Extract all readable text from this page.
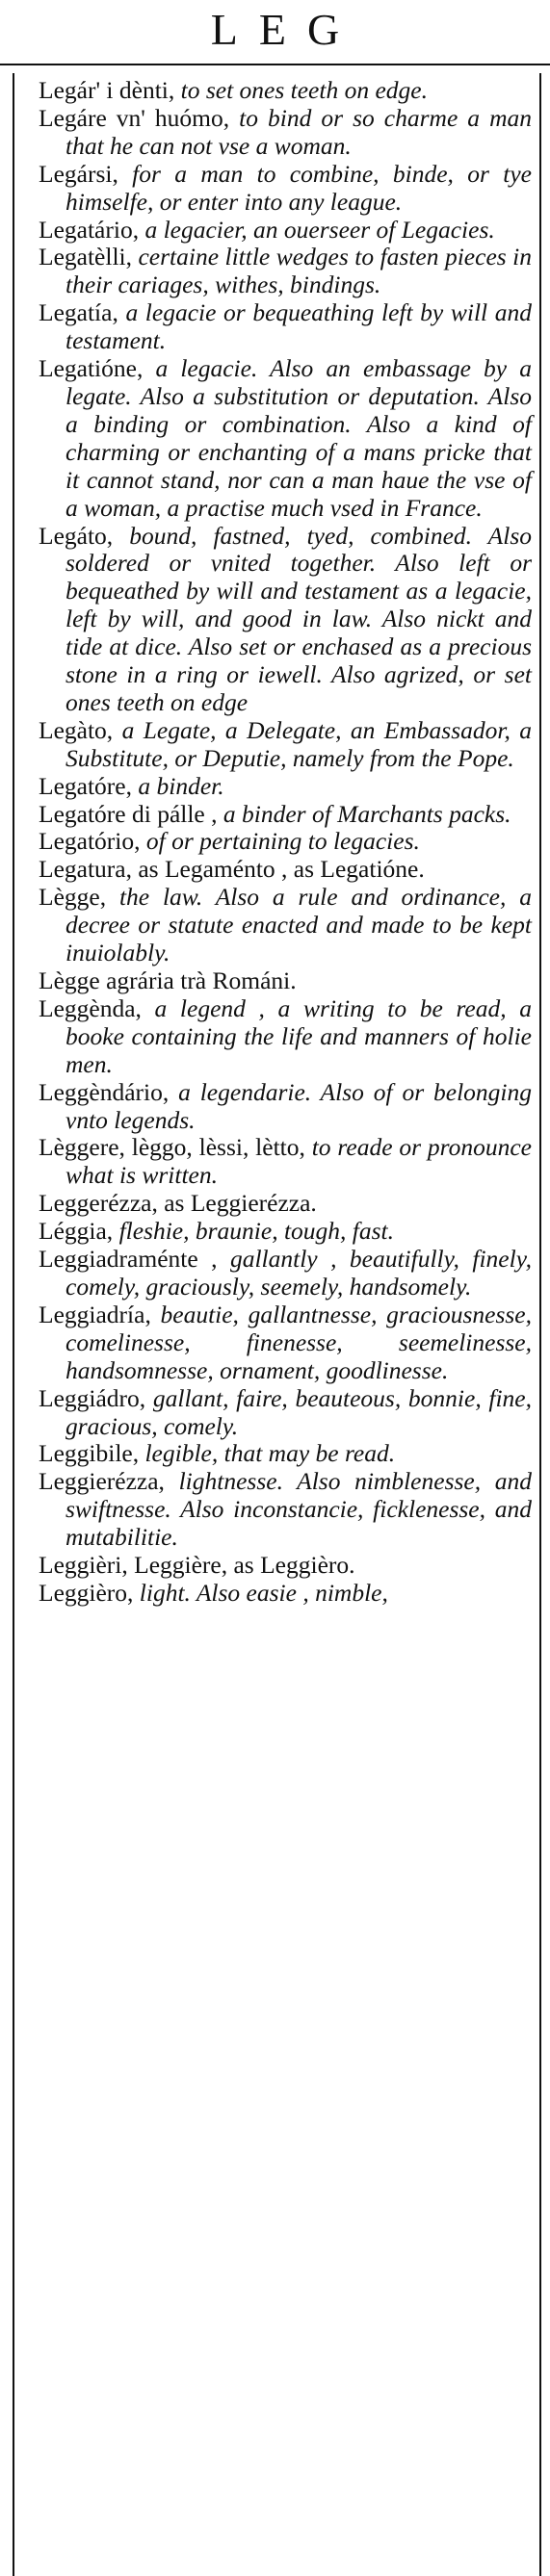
LEG
Legár' i dènti, to set ones teeth on edge.
Legáre vn' huómo, to bind or so charme a man that he can not vse a woman.
Legársi, for a man to combine, binde, or tye himselfe, or enter into any league.
Legatário, a legacier, an ouerseer of Legacies.
Legatèlli, certaine little wedges to fasten pieces in their cariages, withes, bindings.
Legatía, a legacie or bequeathing left by will and testament.
Legatióne, a legacie. Also an embassage by a legate. Also a substitution or deputation. Also a binding or combination. Also a kind of charming or enchanting of a mans pricke that it cannot stand, nor can a man haue the vse of a woman, a practise much vsed in France.
Legáto, bound, fastned, tyed, combined. Also soldered or vnited together. Also left or bequeathed by will and testament as a legacie, left by will, and good in law. Also nickt and tide at dice. Also set or enchased as a precious stone in a ring or iewell. Also agrized, or set ones teeth on edge
Legàto, a Legate, a Delegate, an Embassador, a Substitute, or Deputie, namely from the Pope.
Legatóre, a binder.
Legatóre di pálle , a binder of Marchants packs.
Legatório, of or pertaining to legacies.
Legatura, as Legaménto , as Legatióne.
Lègge, the law. Also a rule and ordinance, a decree or statute enacted and made to be kept inuiolably.
Lègge agrária trà Románi.
Leggènda, a legend , a writing to be read, a booke containing the life and manners of holie men.
Leggèndário, a legendarie. Also of or belonging vnto legends.
Lèggere, lèggo, lèssi, lètto, to reade or pronounce what is written.
Leggerézza, as Leggierézza.
Léggia, fleshie, braunie, tough, fast.
Leggiadraménte , gallantly , beautifully, finely, comely, graciously, seemely, handsomely.
Leggiadría, beautie, gallantnesse, graciousnesse, comelinesse, finenesse, seemelinesse, handsomnesse, ornament, goodlinesse.
Leggiádro, gallant, faire, beauteous, bonnie, fine, gracious, comely.
Leggibile, legible, that may be read.
Leggierézza, lightnesse. Also nimblenesse, and swiftnesse. Also inconstancie, ficklenesse, and mutabilitie.
Leggièri, Leggière, as Leggièro.
Leggièro, light. Also easie , nimble,
